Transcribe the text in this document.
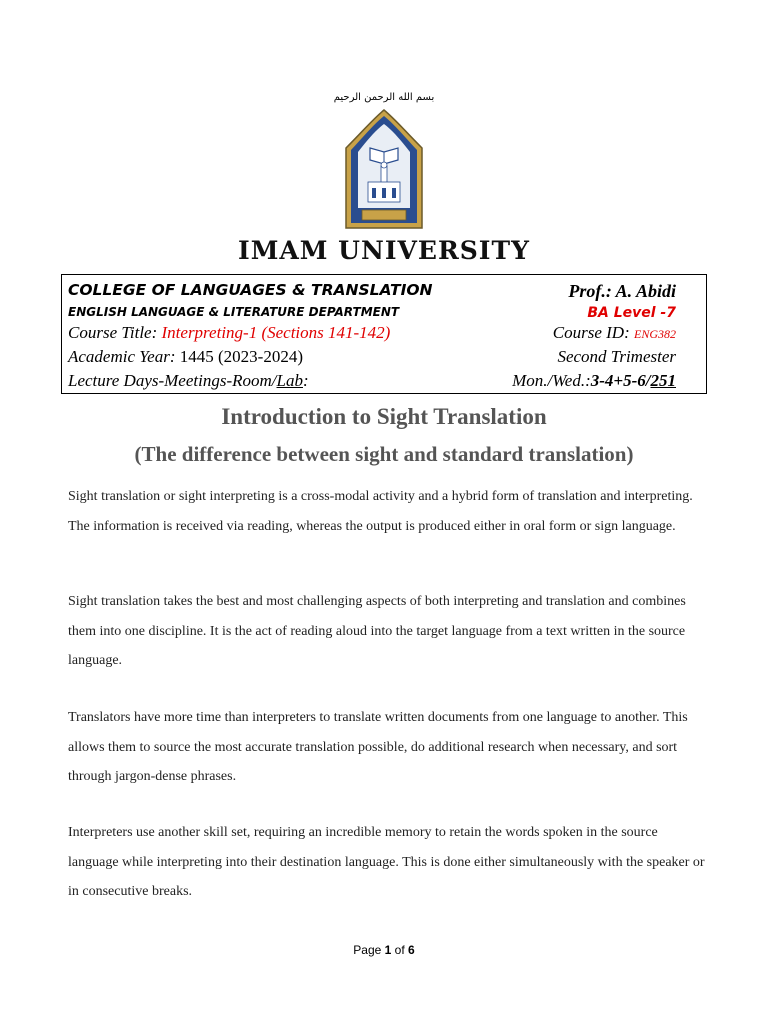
بسم الله الرحمن الرحيم
IMAM UNIVERSITY
COLLEGE OF LANGUAGES & TRANSLATION	Prof.: A. Abidi
ENGLISH LANGUAGE & LITERATURE DEPARTMENT	BA Level -7
Course Title: Interpreting-1 (Sections 141-142)	Course ID: ENG382
Academic Year: 1445 (2023-2024)	Second Trimester
Lecture Days-Meetings-Room/Lab:	Mon./Wed.:3-4+5-6/251
Introduction to Sight Translation
(The difference between sight and standard translation)
Sight translation or sight interpreting is a cross-modal activity and a hybrid form of translation and interpreting. The information is received via reading, whereas the output is produced either in oral form or sign language.
Sight translation takes the best and most challenging aspects of both interpreting and translation and combines them into one discipline. It is the act of reading aloud into the target language from a text written in the source language.
Translators have more time than interpreters to translate written documents from one language to another. This allows them to source the most accurate translation possible, do additional research when necessary, and sort through jargon-dense phrases.
Interpreters use another skill set, requiring an incredible memory to retain the words spoken in the source language while interpreting into their destination language. This is done either simultaneously with the speaker or in consecutive breaks.
Page 1 of 6
